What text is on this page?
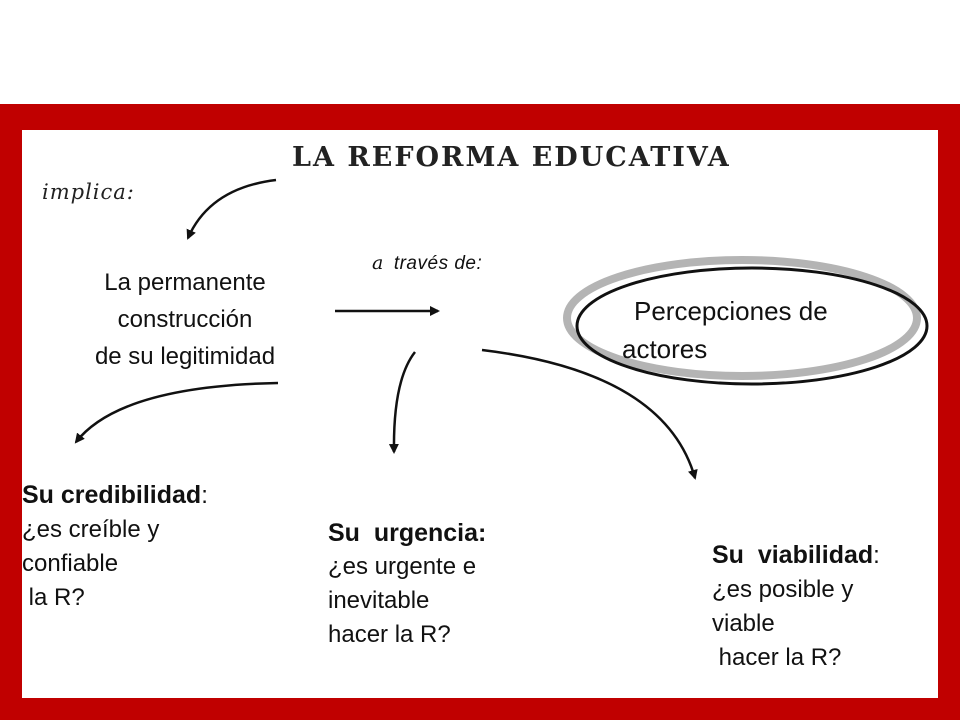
LA REFORMA EDUCATIVA
implica:
a través de:
La permanente
construcción
de su legitimidad
Percepciones de
actores
Su credibilidad:
¿es creíble y
confiable
la R?
Su  urgencia:
¿es urgente e
inevitable
hacer la R?
Su  viabilidad:
¿es posible y
viable
hacer la R?
